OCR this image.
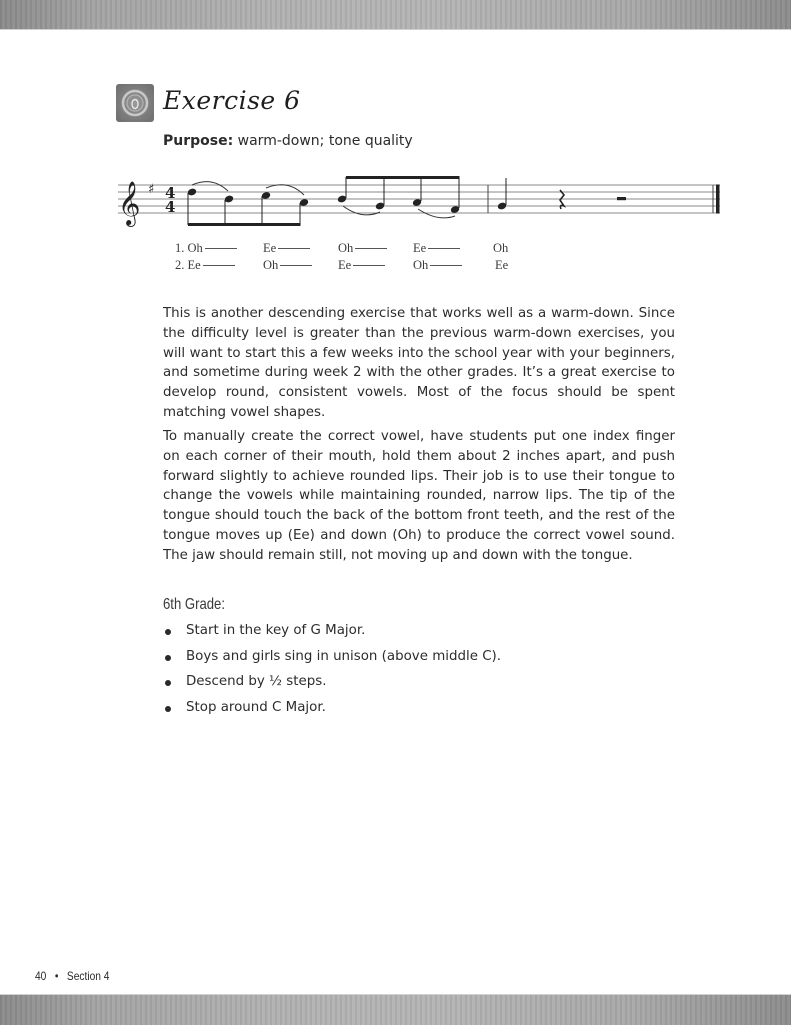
Exercise 6
Purpose: warm-down; tone quality
𝄞 ♯ 4
4
1. Oh	Ee	Oh	Ee	Oh
2. Ee	Oh	Ee	Oh	Ee

This is another descending exercise that works well as a warm-down. Since the difficulty level is greater than the previous warm-down exercises, you will want to start this a few weeks into the school year with your beginners, and sometime during week 2 with the other grades. It’s a great exercise to develop round, consistent vowels. Most of the focus should be spent matching vowel shapes.

To manually create the correct vowel, have students put one index finger on each corner of their mouth, hold them about 2 inches apart, and push forward slightly to achieve rounded lips. Their job is to use their tongue to change the vowels while maintaining rounded, narrow lips. The tip of the tongue should touch the back of the bottom front teeth, and the rest of the tongue moves up (Ee) and down (Oh) to produce the correct vowel sound. The jaw should remain still, not moving up and down with the tongue.

6th Grade:
Start in the key of G Major.
Boys and girls sing in unison (above middle C).
Descend by ½ steps.
Stop around C Major.
40 • Section 4
